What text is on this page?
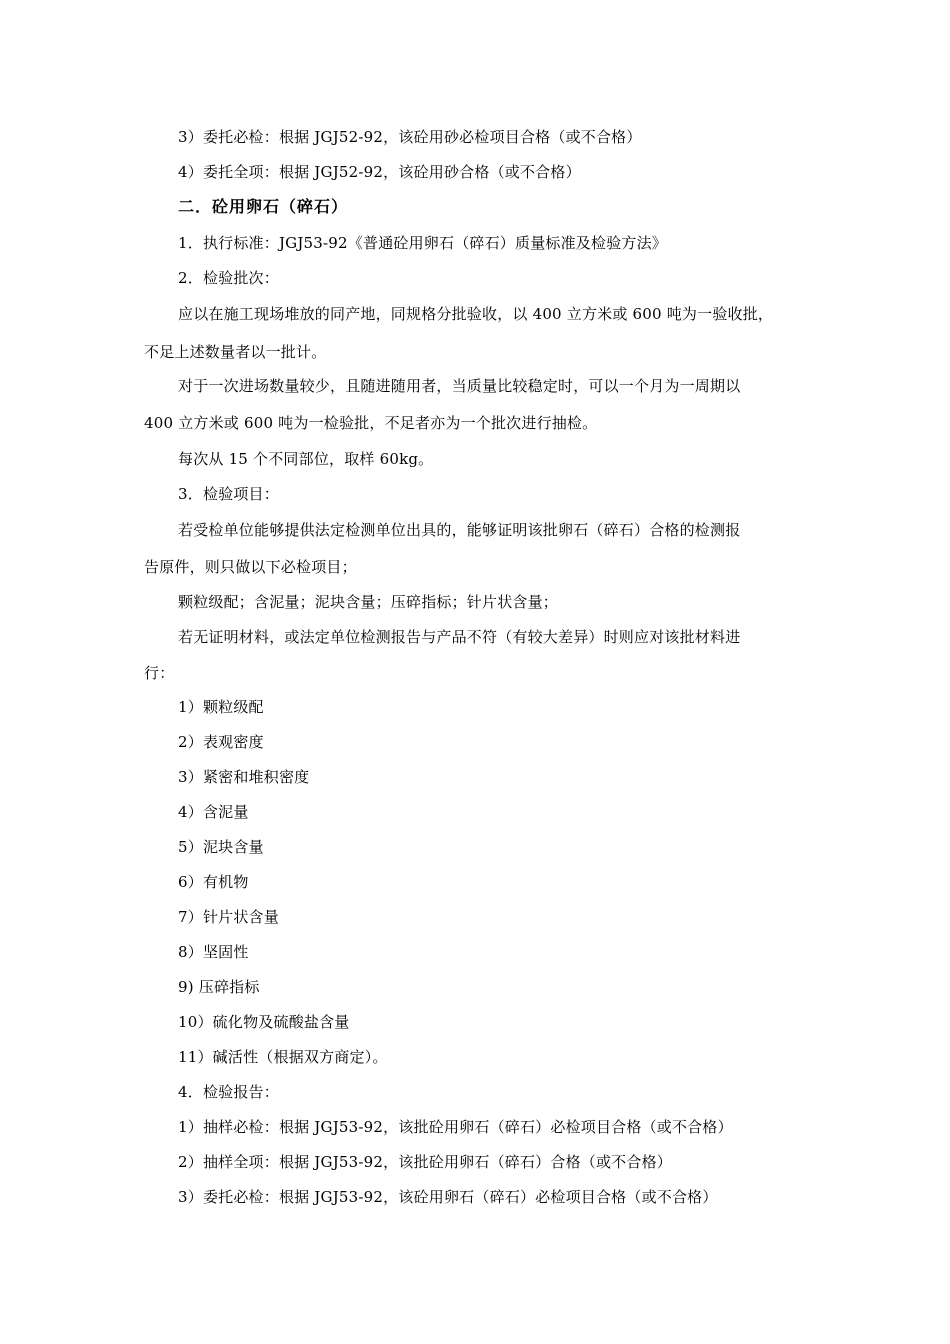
3）委托必检：根据 JGJ52-92，该砼用砂必检项目合格（或不合格）
4）委托全项：根据 JGJ52-92，该砼用砂合格（或不合格）
二．砼用卵石（碎石）
1．执行标准：JGJ53-92《普通砼用卵石（碎石）质量标准及检验方法》
2．检验批次：
应以在施工现场堆放的同产地，同规格分批验收，以 400 立方米或 600 吨为一验收批，
不足上述数量者以一批计。
对于一次进场数量较少，且随进随用者，当质量比较稳定时，可以一个月为一周期以
400 立方米或 600 吨为一检验批，不足者亦为一个批次进行抽检。
每次从 15 个不同部位，取样 60kg。
3．检验项目：
若受检单位能够提供法定检测单位出具的，能够证明该批卵石（碎石）合格的检测报
告原件，则只做以下必检项目；
颗粒级配；含泥量；泥块含量；压碎指标；针片状含量；
若无证明材料，或法定单位检测报告与产品不符（有较大差异）时则应对该批材料进
行：
1）颗粒级配
2）表观密度
3）紧密和堆积密度
4）含泥量
5）泥块含量
6）有机物
7）针片状含量
8）坚固性
9) 压碎指标
10）硫化物及硫酸盐含量
11）碱活性（根据双方商定）。
4．检验报告：
1）抽样必检：根据 JGJ53-92，该批砼用卵石（碎石）必检项目合格（或不合格）
2）抽样全项：根据 JGJ53-92，该批砼用卵石（碎石）合格（或不合格）
3）委托必检：根据 JGJ53-92，该砼用卵石（碎石）必检项目合格（或不合格）
